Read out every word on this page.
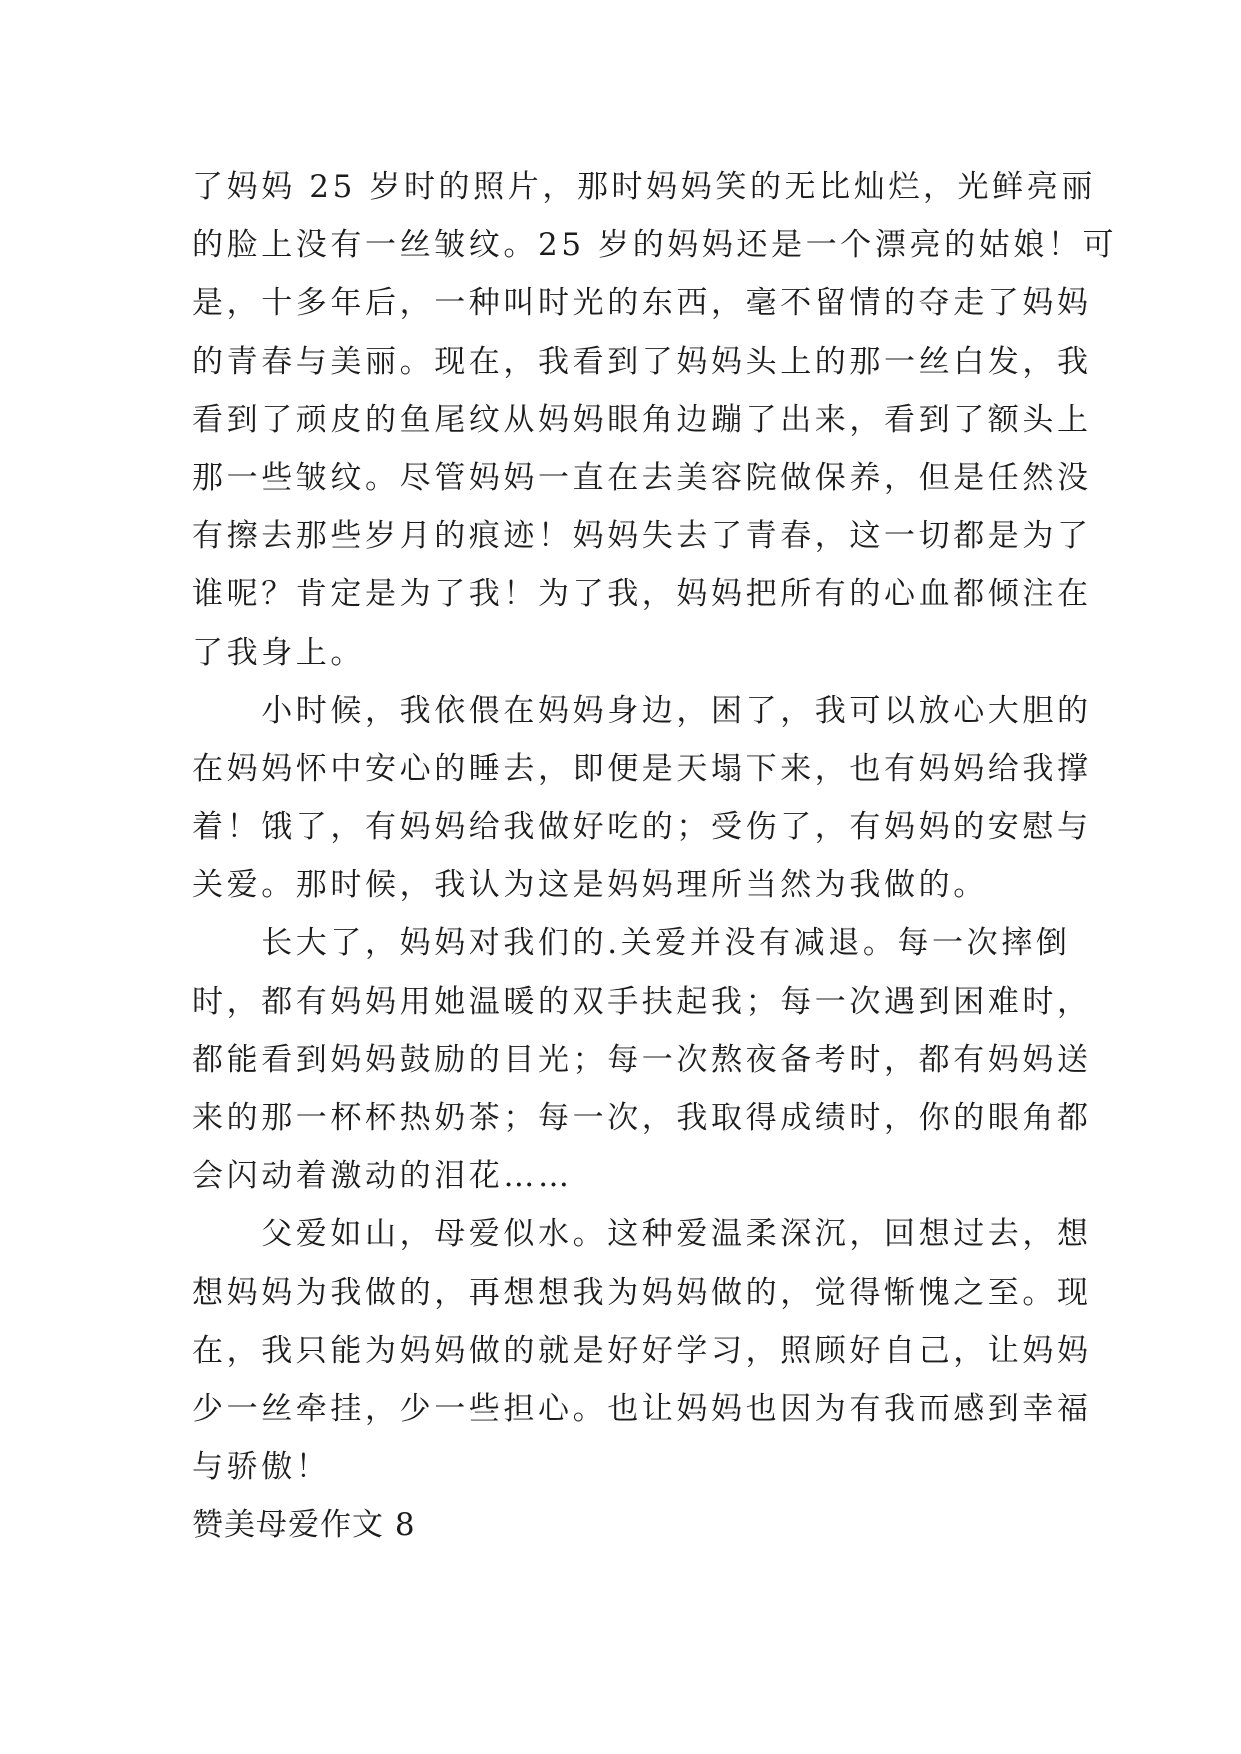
了妈妈 25 岁时的照片，那时妈妈笑的无比灿烂，光鲜亮丽
的脸上没有一丝皱纹。25 岁的妈妈还是一个漂亮的姑娘！可
是，十多年后，一种叫时光的东西，毫不留情的夺走了妈妈
的青春与美丽。现在，我看到了妈妈头上的那一丝白发，我
看到了顽皮的鱼尾纹从妈妈眼角边蹦了出来，看到了额头上
那一些皱纹。尽管妈妈一直在去美容院做保养，但是任然没
有擦去那些岁月的痕迹！妈妈失去了青春，这一切都是为了
谁呢？肯定是为了我！为了我，妈妈把所有的心血都倾注在
了我身上。
　　小时候，我依偎在妈妈身边，困了，我可以放心大胆的
在妈妈怀中安心的睡去，即便是天塌下来，也有妈妈给我撑
着！饿了，有妈妈给我做好吃的；受伤了，有妈妈的安慰与
关爱。那时候，我认为这是妈妈理所当然为我做的。
　　长大了，妈妈对我们的.关爱并没有减退。每一次摔倒
时，都有妈妈用她温暖的双手扶起我；每一次遇到困难时，
都能看到妈妈鼓励的目光；每一次熬夜备考时，都有妈妈送
来的那一杯杯热奶茶；每一次，我取得成绩时，你的眼角都
会闪动着激动的泪花……
　　父爱如山，母爱似水。这种爱温柔深沉，回想过去，想
想妈妈为我做的，再想想我为妈妈做的，觉得惭愧之至。现
在，我只能为妈妈做的就是好好学习，照顾好自己，让妈妈
少一丝牵挂，少一些担心。也让妈妈也因为有我而感到幸福
与骄傲！
赞美母爱作文 8
